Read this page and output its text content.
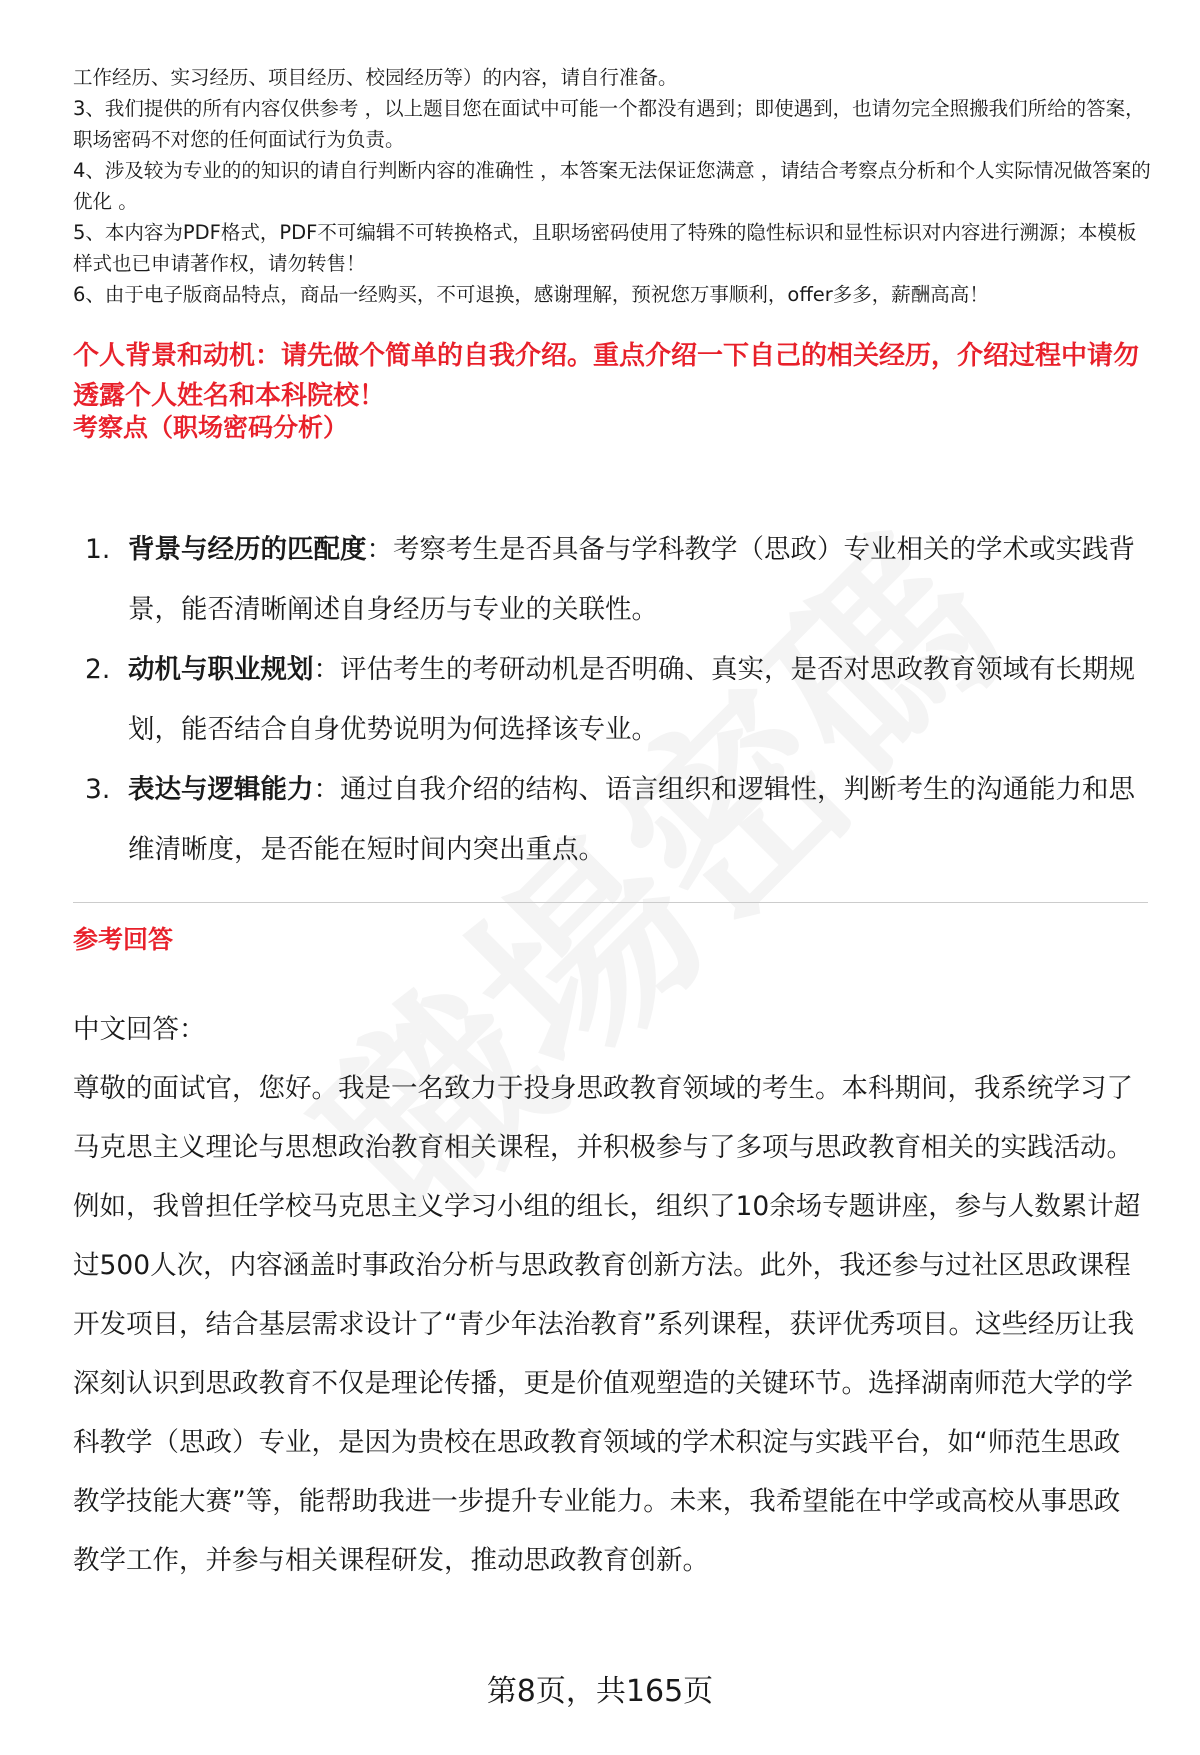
工作经历、实习经历、项目经历、校园经历等）的内容，请自行准备。

3、我们提供的所有内容仅供参考 ，以上题目您在面试中可能一个都没有遇到；即使遇到，也请勿完全照搬我们所给的答案，职场密码不对您的任何面试行为负责。

4、涉及较为专业的的知识的请自行判断内容的准确性 ，本答案无法保证您满意 ，请结合考察点分析和个人实际情况做答案的优化 。

5、本内容为PDF格式，PDF不可编辑不可转换格式，且职场密码使用了特殊的隐性标识和显性标识对内容进行溯源；本模板样式也已申请著作权，请勿转售！

6、由于电子版商品特点，商品一经购买，不可退换，感谢理解，预祝您万事顺利，offer多多，薪酬高高！

个人背景和动机：请先做个简单的自我介绍。重点介绍一下自己的相关经历，介绍过程中请勿透露个人姓名和本科院校！

考察点（职场密码分析）

1. 背景与经历的匹配度：考察考生是否具备与学科教学（思政）专业相关的学术或实践背景，能否清晰阐述自身经历与专业的关联性。
2. 动机与职业规划：评估考生的考研动机是否明确、真实，是否对思政教育领域有长期规划，能否结合自身优势说明为何选择该专业。
3. 表达与逻辑能力：通过自我介绍的结构、语言组织和逻辑性，判断考生的沟通能力和思维清晰度，是否能在短时间内突出重点。

参考回答

中文回答：

尊敬的面试官，您好。我是一名致力于投身思政教育领域的考生。本科期间，我系统学习了马克思主义理论与思想政治教育相关课程，并积极参与了多项与思政教育相关的实践活动。例如，我曾担任学校马克思主义学习小组的组长，组织了10余场专题讲座，参与人数累计超过500人次，内容涵盖时事政治分析与思政教育创新方法。此外，我还参与过社区思政课程开发项目，结合基层需求设计了“青少年法治教育”系列课程，获评优秀项目。这些经历让我深刻认识到思政教育不仅是理论传播，更是价值观塑造的关键环节。选择湖南师范大学的学科教学（思政）专业，是因为贵校在思政教育领域的学术积淀与实践平台，如“师范生思政教学技能大赛”等，能帮助我进一步提升专业能力。未来，我希望能在中学或高校从事思政教学工作，并参与相关课程研发，推动思政教育创新。

第8页，共165页
